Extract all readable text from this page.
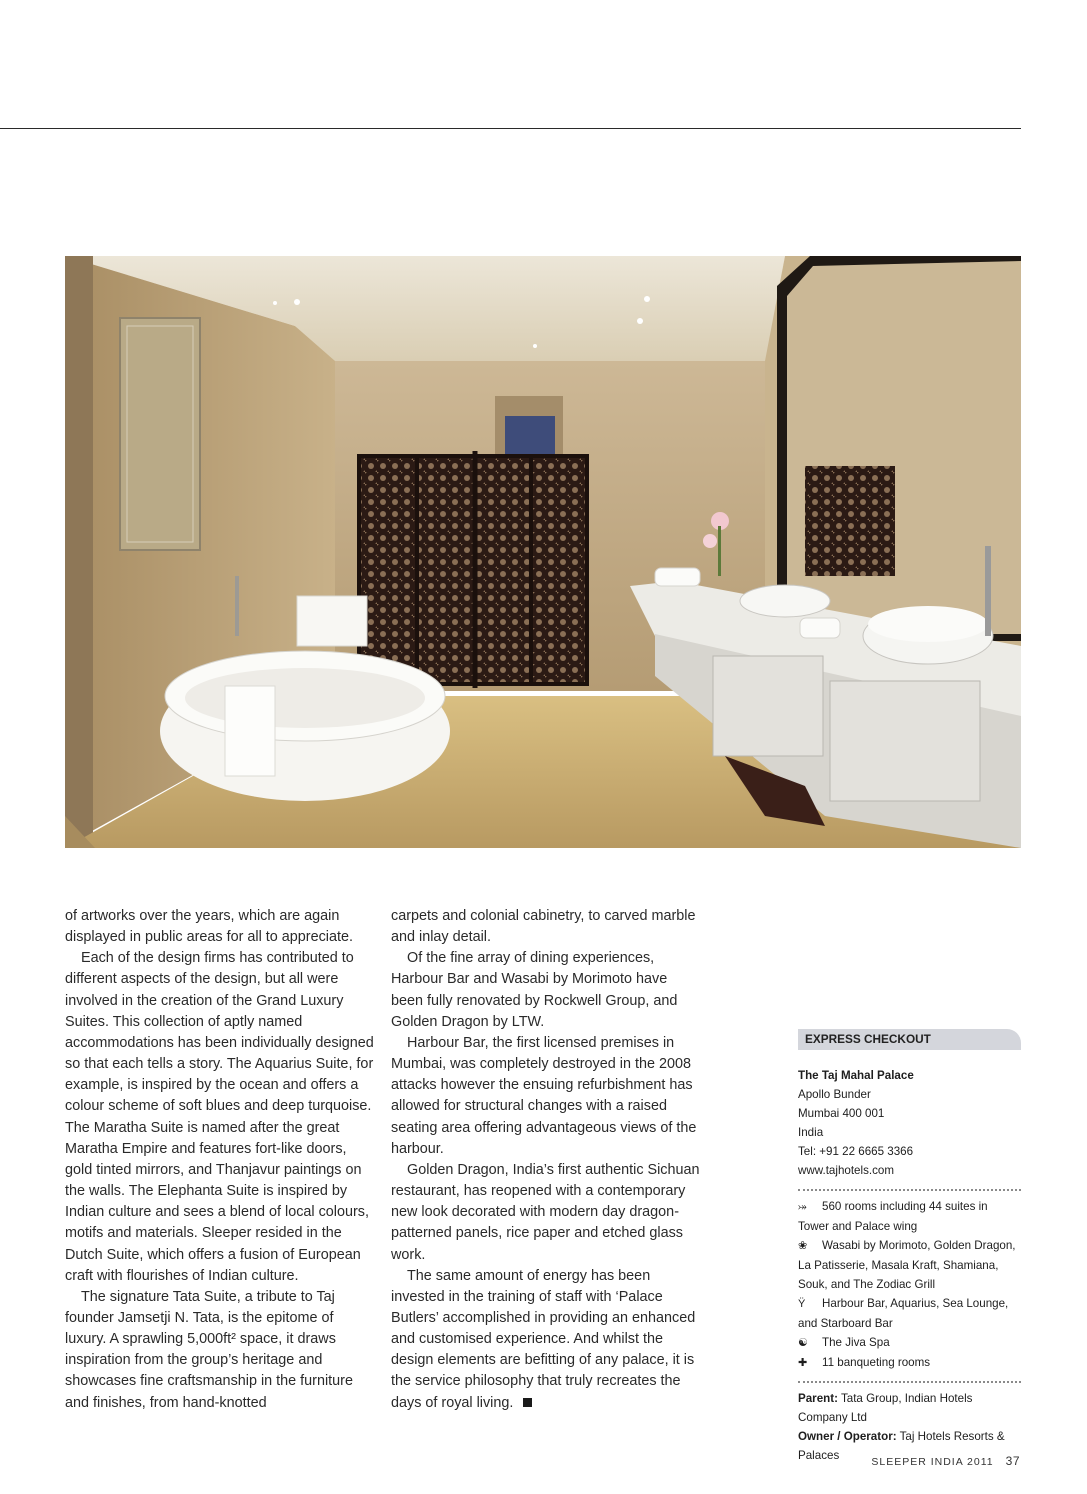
of artworks over the years, which are again displayed in public areas for all to appreciate.

Each of the design firms has contributed to different aspects of the design, but all were involved in the creation of the Grand Luxury Suites. This collection of aptly named accommodations has been individually designed so that each tells a story. The Aquarius Suite, for example, is inspired by the ocean and offers a colour scheme of soft blues and deep turquoise. The Maratha Suite is named after the great Maratha Empire and features fort-like doors, gold tinted mirrors, and Thanjavur paintings on the walls. The Elephanta Suite is inspired by Indian culture and sees a blend of local colours, motifs and materials. Sleeper resided in the Dutch Suite, which offers a fusion of European craft with flourishes of Indian culture.

The signature Tata Suite, a tribute to Taj founder Jamsetji N. Tata, is the epitome of luxury. A sprawling 5,000ft² space, it draws inspiration from the group’s heritage and showcases fine craftsmanship in the furniture and finishes, from hand-knotted

carpets and colonial cabinetry, to carved marble and inlay detail.

Of the fine array of dining experiences, Harbour Bar and Wasabi by Morimoto have been fully renovated by Rockwell Group, and Golden Dragon by LTW.

Harbour Bar, the first licensed premises in Mumbai, was completely destroyed in the 2008 attacks however the ensuing refurbishment has allowed for structural changes with a raised seating area offering advantageous views of the harbour.

Golden Dragon, India’s first authentic Sichuan restaurant, has reopened with a contemporary new look decorated with modern day dragon-patterned panels, rice paper and etched glass work.

The same amount of energy has been invested in the training of staff with ‘Palace Butlers’ accomplished in providing an enhanced and customised experience. And whilst the design elements are befitting of any palace, it is the service philosophy that truly recreates the days of royal living.

EXPRESS CHECKOUT
The Taj Mahal Palace
Apollo Bunder
Mumbai 400 001
India
Tel: +91 22 6665 3366
www.tajhotels.com
⤖ 560 rooms including 44 suites in Tower and Palace wing
❀ Wasabi by Morimoto, Golden Dragon, La Patisserie, Masala Kraft, Shamiana, Souk, and The Zodiac Grill
Ÿ Harbour Bar, Aquarius, Sea Lounge, and Starboard Bar
☯ The Jiva Spa
✚ 11 banqueting rooms
Parent: Tata Group, Indian Hotels Company Ltd
Owner / Operator: Taj Hotels Resorts & Palaces
SLEEPER INDIA 2011 37
